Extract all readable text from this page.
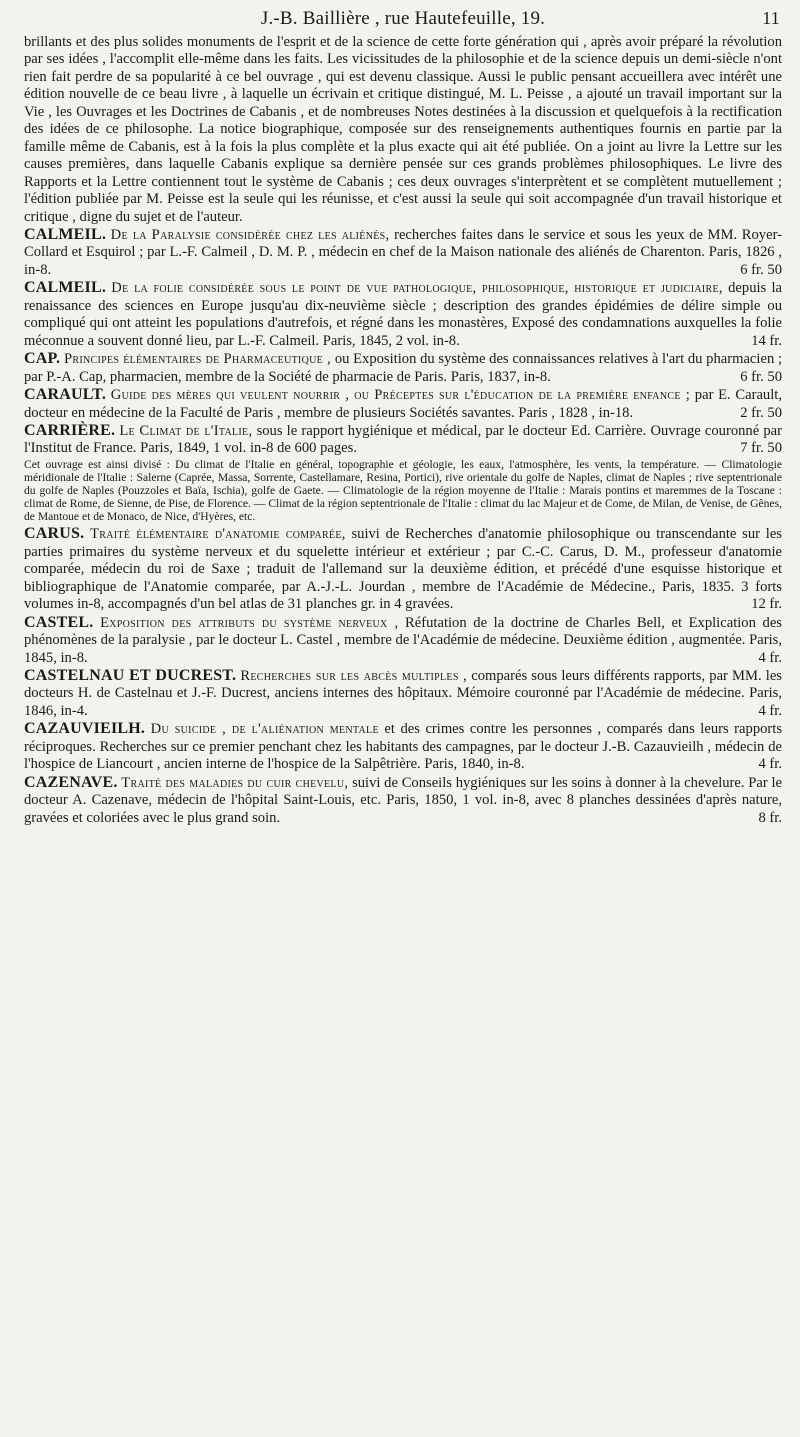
J.-B. Baillière , rue Hautefeuille, 19.	11

brillants et des plus solides monuments de l'esprit et de la science de cette forte génération qui , après avoir préparé la révolution par ses idées , l'accomplit elle-même dans les faits. Les vicissitudes de la philosophie et de la science depuis un demi-siècle n'ont rien fait perdre de sa popularité à ce bel ouvrage , qui est devenu classique. Aussi le public pensant accueillera avec intérêt une édition nouvelle de ce beau livre , à laquelle un écrivain et critique distingué, M. L. Peisse , a ajouté un travail important sur la Vie , les Ouvrages et les Doctrines de Cabanis , et de nombreuses Notes destinées à la discussion et quelquefois à la rectification des idées de ce philosophe. La notice biographique, composée sur des renseignements authentiques fournis en partie par la famille même de Cabanis, est à la fois la plus complète et la plus exacte qui ait été publiée. On a joint au livre la Lettre sur les causes premières, dans laquelle Cabanis explique sa dernière pensée sur ces grands problèmes philosophiques. Le livre des Rapports et la Lettre contiennent tout le système de Cabanis ; ces deux ouvrages s'interprètent et se complètent mutuellement ; l'édition publiée par M. Peisse est la seule qui les réunisse, et c'est aussi la seule qui soit accompagnée d'un travail historique et critique , digne du sujet et de l'auteur.

CALMEIL. De la Paralysie considérée chez les aliénés, recherches faites dans le service et sous les yeux de MM. Royer-Collard et Esquirol ; par L.-F. Calmeil , D. M. P. , médecin en chef de la Maison nationale des aliénés de Charenton. Paris, 1826 , in-8.	6 fr. 50

CALMEIL. De la folie considérée sous le point de vue pathologique, philosophique, historique et judiciaire, depuis la renaissance des sciences en Europe jusqu'au dix-neuvième siècle ; description des grandes épidémies de délire simple ou compliqué qui ont atteint les populations d'autrefois, et régné dans les monastères, Exposé des condamnations auxquelles la folie méconnue a souvent donné lieu, par L.-F. Calmeil. Paris, 1845, 2 vol. in-8.	14 fr.

CAP. Principes élémentaires de Pharmaceutique , ou Exposition du système des connaissances relatives à l'art du pharmacien ; par P.-A. Cap, pharmacien, membre de la Société de pharmacie de Paris. Paris, 1837, in-8.	6 fr. 50

CARAULT. Guide des mères qui veulent nourrir , ou Préceptes sur l'éducation de la première enfance ; par E. Carault, docteur en médecine de la Faculté de Paris , membre de plusieurs Sociétés savantes. Paris , 1828 , in-18.	2 fr. 50

CARRIÈRE. Le Climat de l'Italie, sous le rapport hygiénique et médical, par le docteur Ed. Carrière. Ouvrage couronné par l'Institut de France. Paris, 1849, 1 vol. in-8 de 600 pages.	7 fr. 50

Cet ouvrage est ainsi divisé : Du climat de l'Italie en général, topographie et géologie, les eaux, l'atmosphère, les vents, la température. — Climatologie méridionale de l'Italie : Salerne (Caprée, Massa, Sorrente, Castellamare, Resina, Portici), rive orientale du golfe de Naples, climat de Naples ; rive septentrionale du golfe de Naples (Pouzzoles et Baïa, Ischia), golfe de Gaete. — Climatologie de la région moyenne de l'Italie : Marais pontins et maremmes de la Toscane : climat de Rome, de Sienne, de Pise, de Florence. — Climat de la région septentrionale de l'Italie : climat du lac Majeur et de Come, de Milan, de Venise, de Gênes, de Mantoue et de Monaco, de Nice, d'Hyères, etc.

CARUS. Traité élémentaire d'anatomie comparée, suivi de Recherches d'anatomie philosophique ou transcendante sur les parties primaires du système nerveux et du squelette intérieur et extérieur ; par C.-C. Carus, D. M., professeur d'anatomie comparée, médecin du roi de Saxe ; traduit de l'allemand sur la deuxième édition, et précédé d'une esquisse historique et bibliographique de l'Anatomie comparée, par A.-J.-L. Jourdan , membre de l'Académie de Médecine., Paris, 1835. 3 forts volumes in-8, accompagnés d'un bel atlas de 31 planches gr. in 4 gravées.	12 fr.

CASTEL. Exposition des attributs du système nerveux , Réfutation de la doctrine de Charles Bell, et Explication des phénomènes de la paralysie , par le docteur L. Castel , membre de l'Académie de médecine. Deuxième édition , augmentée. Paris, 1845, in-8.	4 fr.

CASTELNAU ET DUCREST. Recherches sur les abcès multiples , comparés sous leurs différents rapports, par MM. les docteurs H. de Castelnau et J.-F. Ducrest, anciens internes des hôpitaux. Mémoire couronné par l'Académie de médecine. Paris, 1846, in-4.	4 fr.

CAZAUVIEILH. Du suicide , de l'aliénation mentale et des crimes contre les personnes , comparés dans leurs rapports réciproques. Recherches sur ce premier penchant chez les habitants des campagnes, par le docteur J.-B. Cazauvieilh , médecin de l'hospice de Liancourt , ancien interne de l'hospice de la Salpêtrière. Paris, 1840, in-8.	4 fr.

CAZENAVE. Traité des maladies du cuir chevelu, suivi de Conseils hygiéniques sur les soins à donner à la chevelure. Par le docteur A. Cazenave, médecin de l'hôpital Saint-Louis, etc. Paris, 1850, 1 vol. in-8, avec 8 planches dessinées d'après nature, gravées et coloriées avec le plus grand soin.	8 fr.
